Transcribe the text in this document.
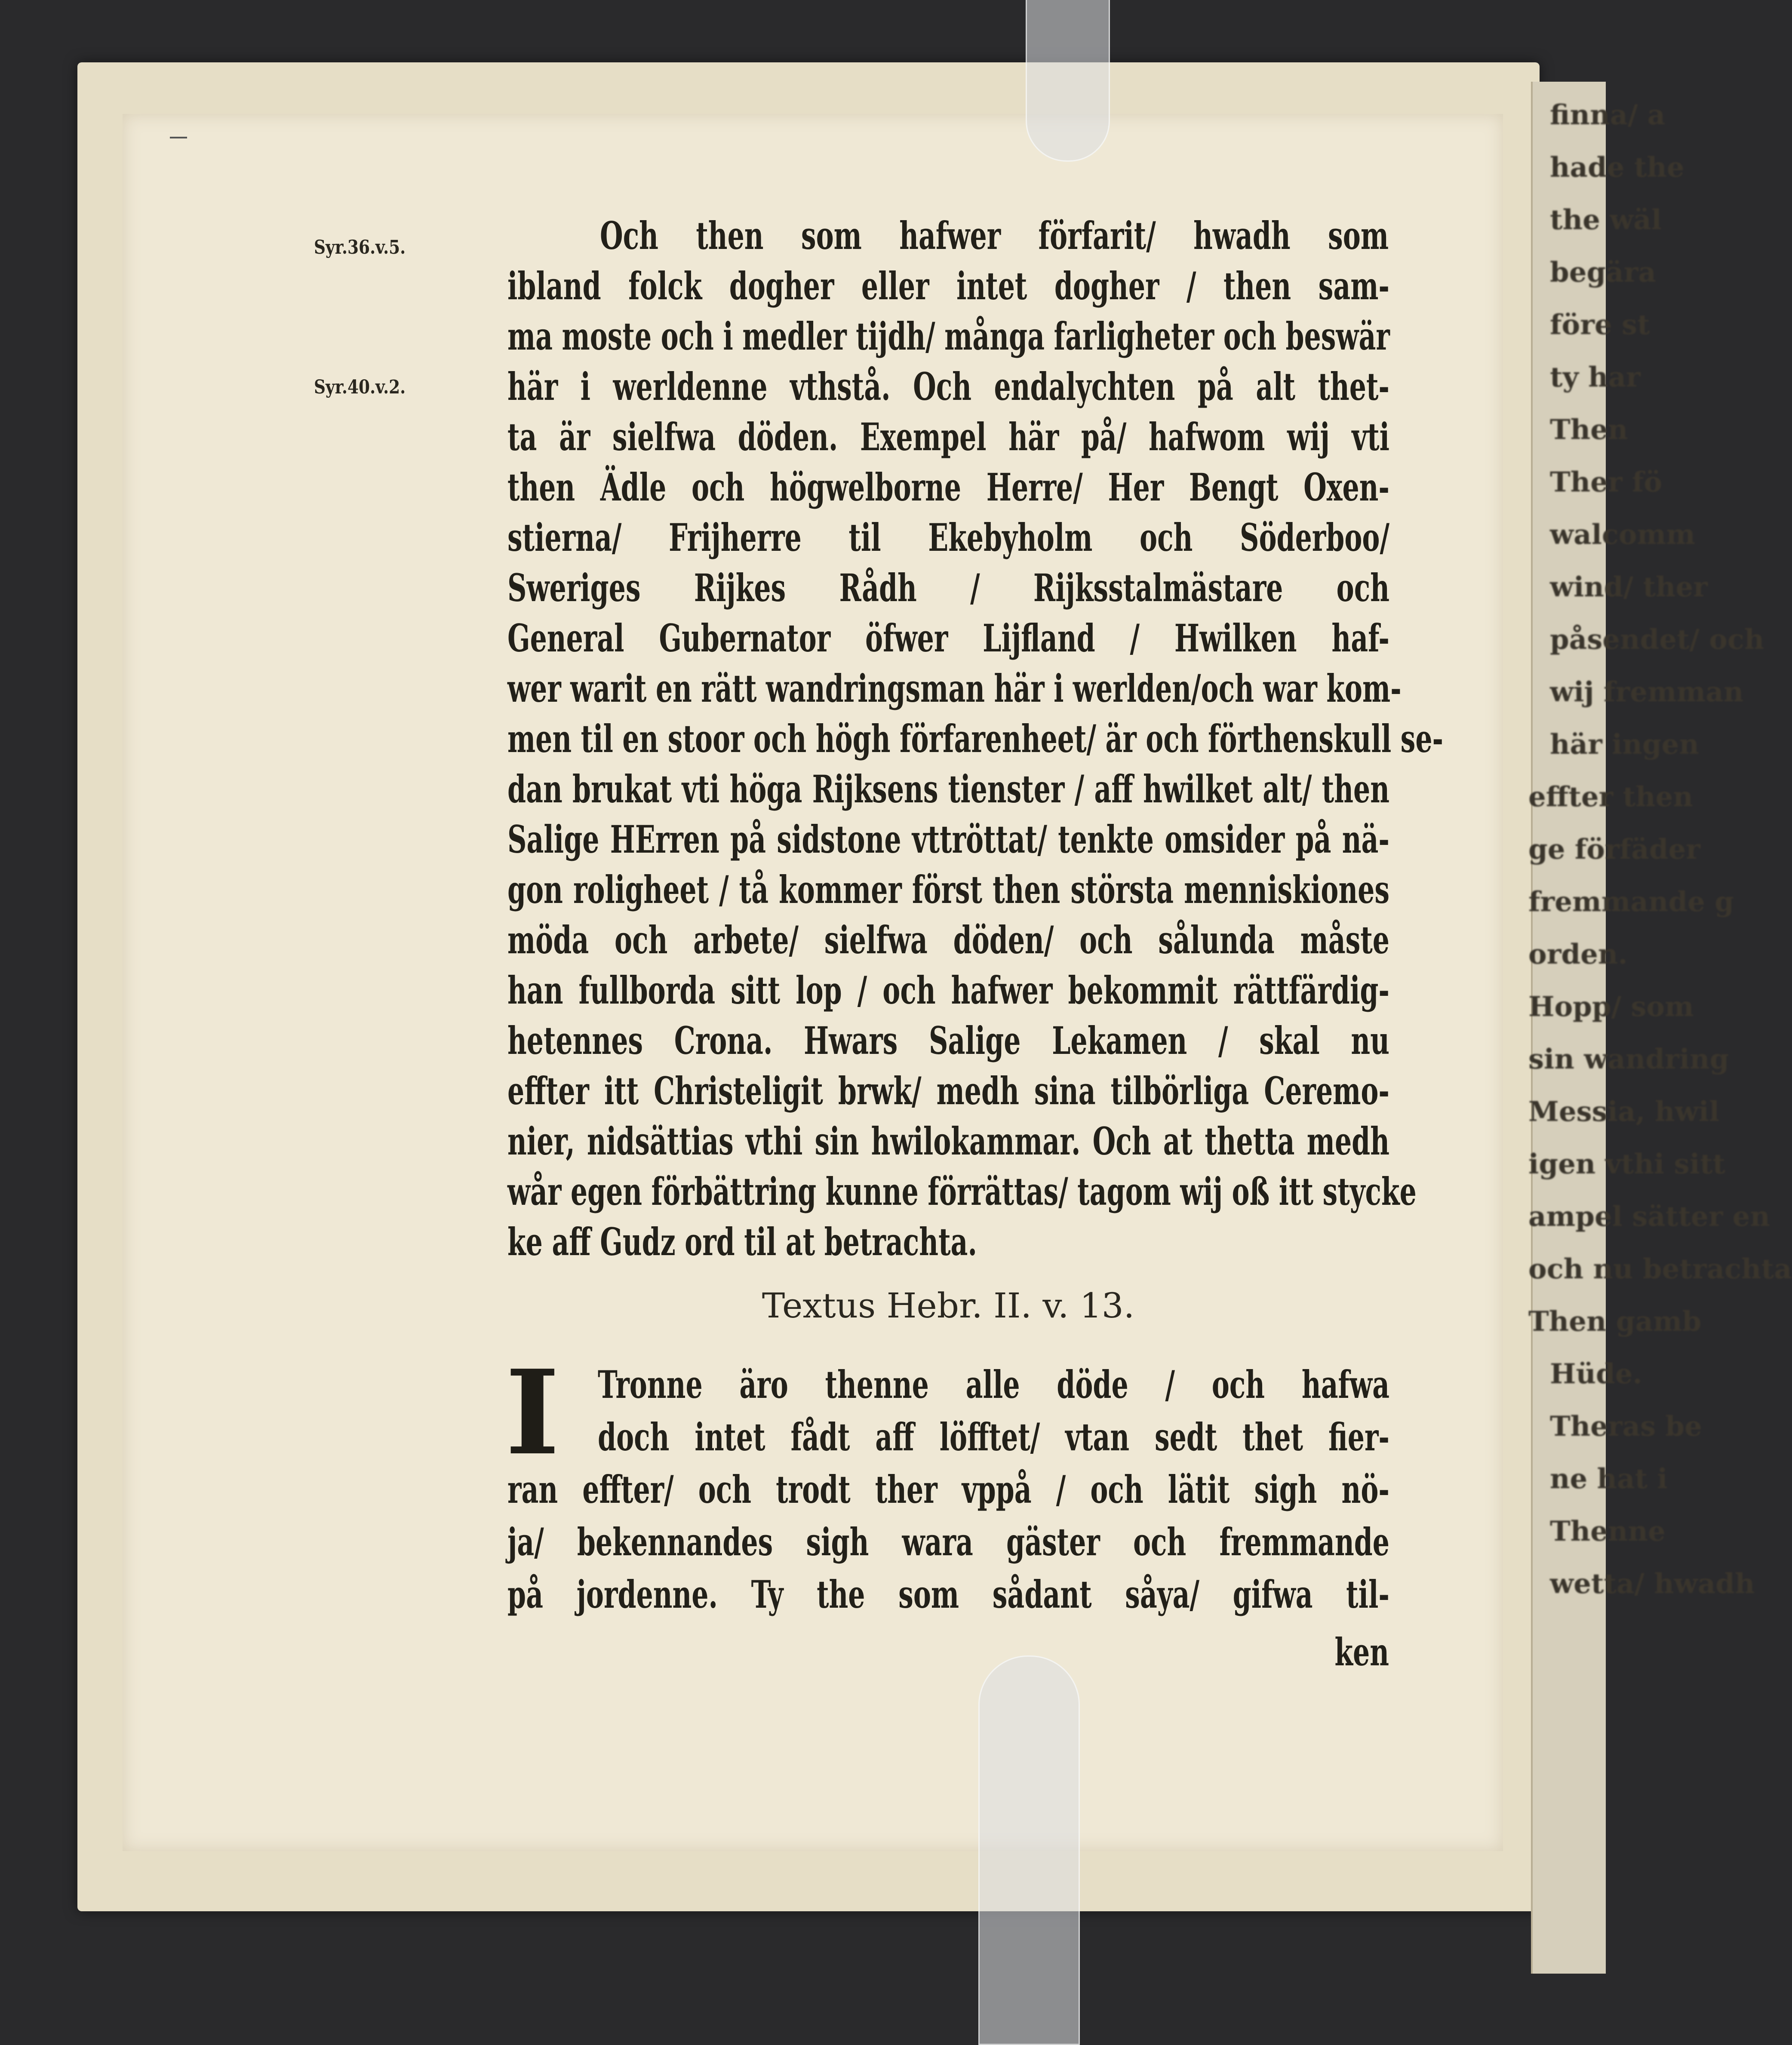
finna/ a
hade the
the wäl
begära
före st
ty har
Then
Ther fö
walcomm
wind/ ther
påsendet/ och
wij fremman
här ingen
effter then
ge förfäder
fremmande g
orden.
Hopp/ som
sin wandring
Messia, hwil
igen vthi sitt
ampel sätter en
och nu betrachta
Then gamb
Hüde.
Theras be
ne hat i
Thenne
wetta/ hwadh
Syr.36.v.5.
Syr.40.v.2.
Och then som hafwer förfarit/ hwadh som
ibland folck dogher eller intet dogher / then sam-
ma moste och i medler tijdh/ många farligheter och beswär
här i werldenne vthstå. Och endalychten på alt thet-
ta är sielfwa döden. Exempel här på/ hafwom wij vti
then Ädle och högwelborne Herre/ Her Bengt Oxen-
stierna/ Frijherre til Ekebyholm och Söderboo/
Sweriges Rijkes Rådh / Rijksstalmästare och
General Gubernator öfwer Lijfland / Hwilken haf-
wer warit en rätt wandringsman här i werlden/och war kom-
men til en stoor och högh förfarenheet/ är och förthenskull se-
dan brukat vti höga Rijksens tienster / aff hwilket alt/ then
Salige HErren på sidstone vttröttat/ tenkte omsider på nä-
gon roligheet / tå kommer först then största menniskiones
möda och arbete/ sielfwa döden/ och sålunda måste
han fullborda sitt lop / och hafwer bekommit rättfärdig-
hetennes Crona. Hwars Salige Lekamen / skal nu
effter itt Christeligit brwk/ medh sina tilbörliga Ceremo-
nier, nidsättias vthi sin hwilokammar. Och at thetta medh
wår egen förbättring kunne förrättas/ tagom wij oß itt stycke
ke aff Gudz ord til at betrachta.
Textus Hebr. II. v. 13.
I Tronne äro thenne alle döde / och hafwa
doch intet fådt aff löfftet/ vtan sedt thet fier-
ran effter/ och trodt ther vppå / och lätit sigh nö-
ja/ bekennandes sigh wara gäster och fremmande
på jordenne. Ty the som sådant såya/ gifwa til-
ken
